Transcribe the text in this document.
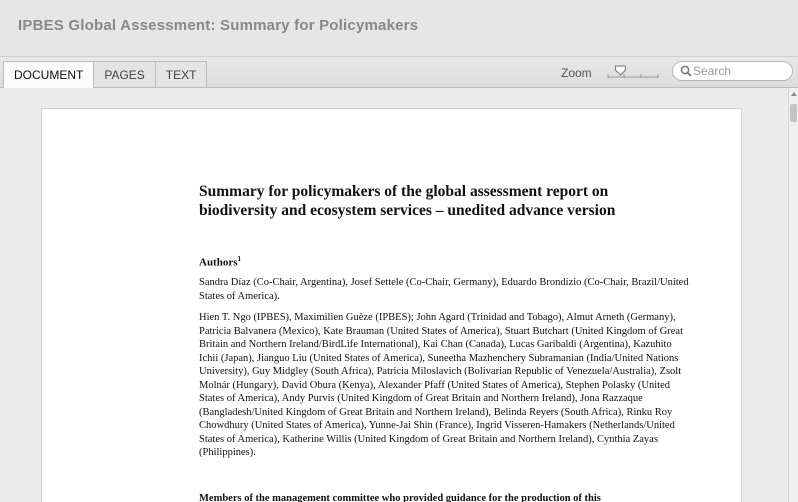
IPBES Global Assessment: Summary for Policymakers
DOCUMENT	PAGES	TEXT	Zoom
Search
Summary for policymakers of the global assessment report on
biodiversity and ecosystem services – unedited advance version
Authors$^1$
Sandra Díaz (Co-Chair, Argentina), Josef Settele (Co-Chair, Germany), Eduardo Brondízio (Co-Chair, Brazil/United States of America).
Hien T. Ngo (IPBES), Maximilien Guèze (IPBES); John Agard (Trinidad and Tobago), Almut Arneth (Germany), Patricia Balvanera (Mexico), Kate Brauman (United States of America), Stuart Butchart (United Kingdom of Great Britain and Northern Ireland/BirdLife International), Kai Chan (Canada), Lucas Garibaldi (Argentina), Kazuhito Ichii (Japan), Jianguo Liu (United States of America), Suneetha Mazhenchery Subramanian (India/United Nations University), Guy Midgley (South Africa), Patricia Miloslavich (Bolivarian Republic of Venezuela/Australia), Zsolt Molnár (Hungary), David Obura (Kenya), Alexander Pfaff (United States of America), Stephen Polasky (United States of America), Andy Purvis (United Kingdom of Great Britain and Northern Ireland), Jona Razzaque (Bangladesh/United Kingdom of Great Britain and Northern Ireland), Belinda Reyers (South Africa), Rinku Roy Chowdhury (United States of America), Yunne-Jai Shin (France), Ingrid Visseren-Hamakers (Netherlands/United States of America), Katherine Willis (United Kingdom of Great Britain and Northern Ireland), Cynthia Zayas (Philippines).
Members of the management committee who provided guidance for the production of this
